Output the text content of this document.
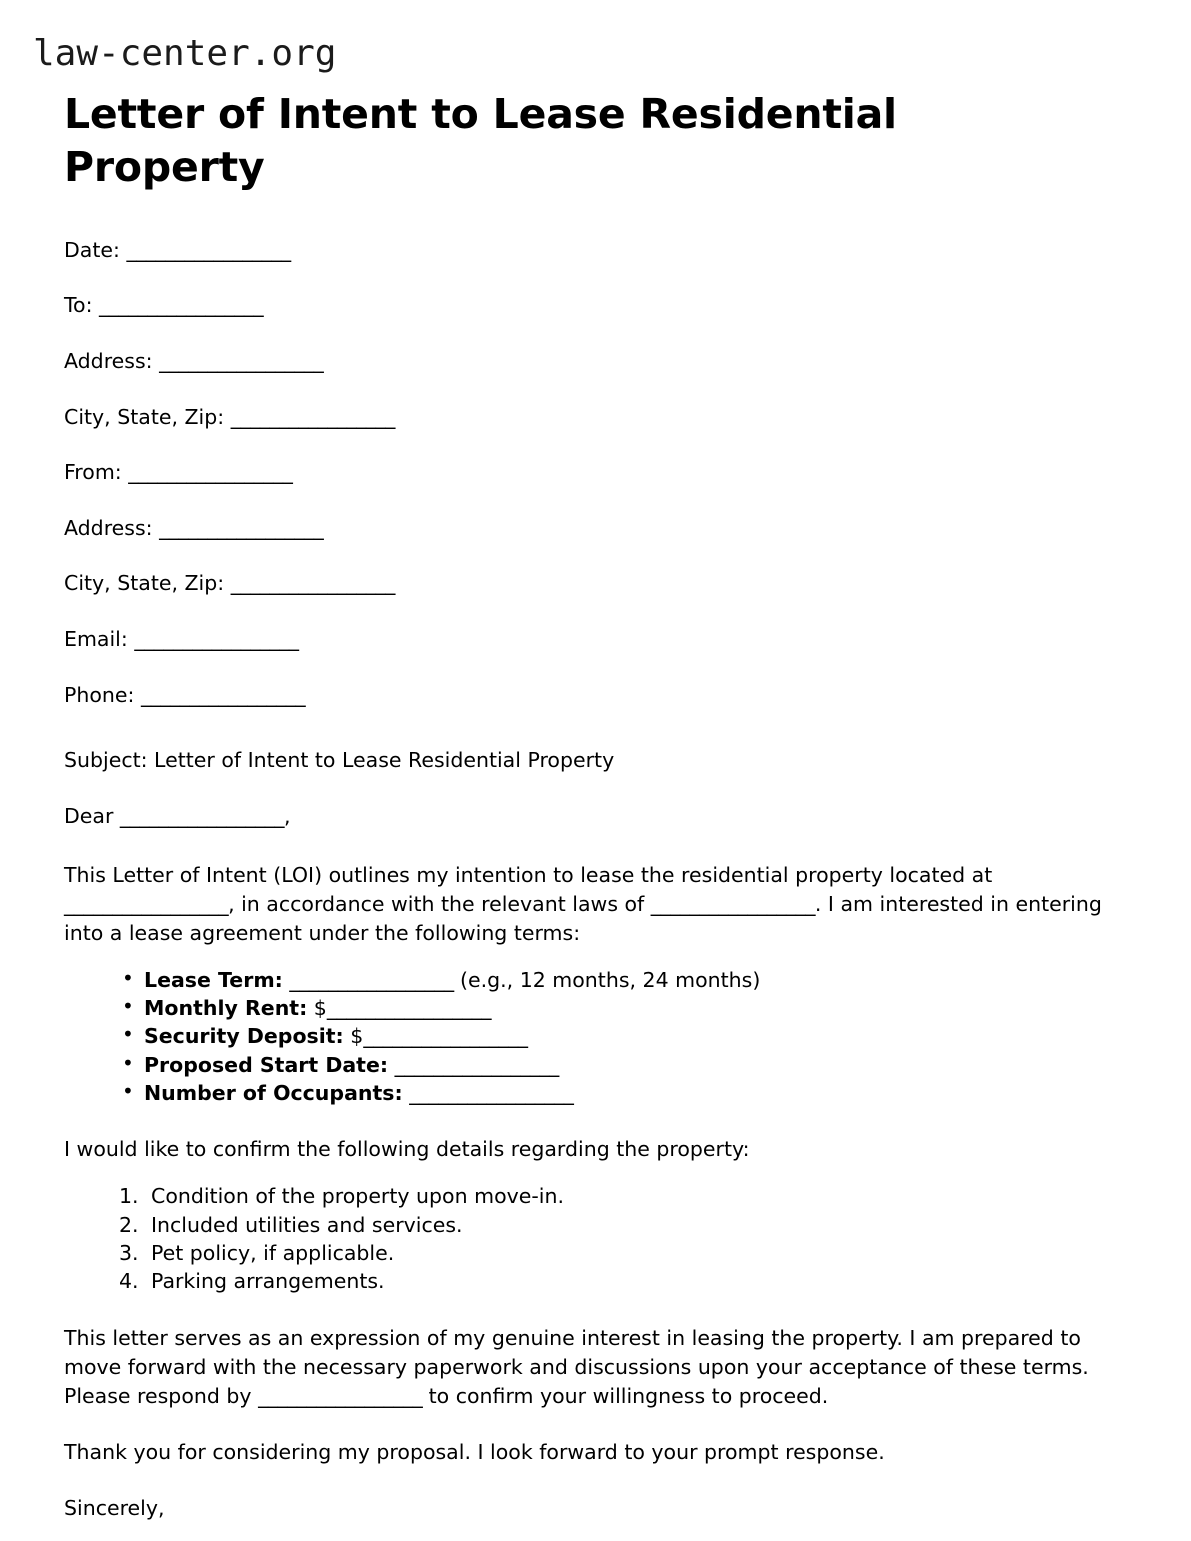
law-center.org
Letter of Intent to Lease Residential Property
Date: _________________
To: _________________
Address: _________________
City, State, Zip: _________________
From: _________________
Address: _________________
City, State, Zip: _________________
Email: _________________
Phone: _________________

Subject: Letter of Intent to Lease Residential Property

Dear _________________,

This Letter of Intent (LOI) outlines my intention to lease the residential property located at _________________, in accordance with the relevant laws of _________________. I am interested in entering into a lease agreement under the following terms:

• Lease Term: _________________ (e.g., 12 months, 24 months)
• Monthly Rent: $_________________
• Security Deposit: $_________________
• Proposed Start Date: _________________
• Number of Occupants: _________________

I would like to confirm the following details regarding the property:

Condition of the property upon move-in.
Included utilities and services.
Pet policy, if applicable.
Parking arrangements.

This letter serves as an expression of my genuine interest in leasing the property. I am prepared to move forward with the necessary paperwork and discussions upon your acceptance of these terms. Please respond by _________________ to confirm your willingness to proceed.

Thank you for considering my proposal. I look forward to your prompt response.

Sincerely,
